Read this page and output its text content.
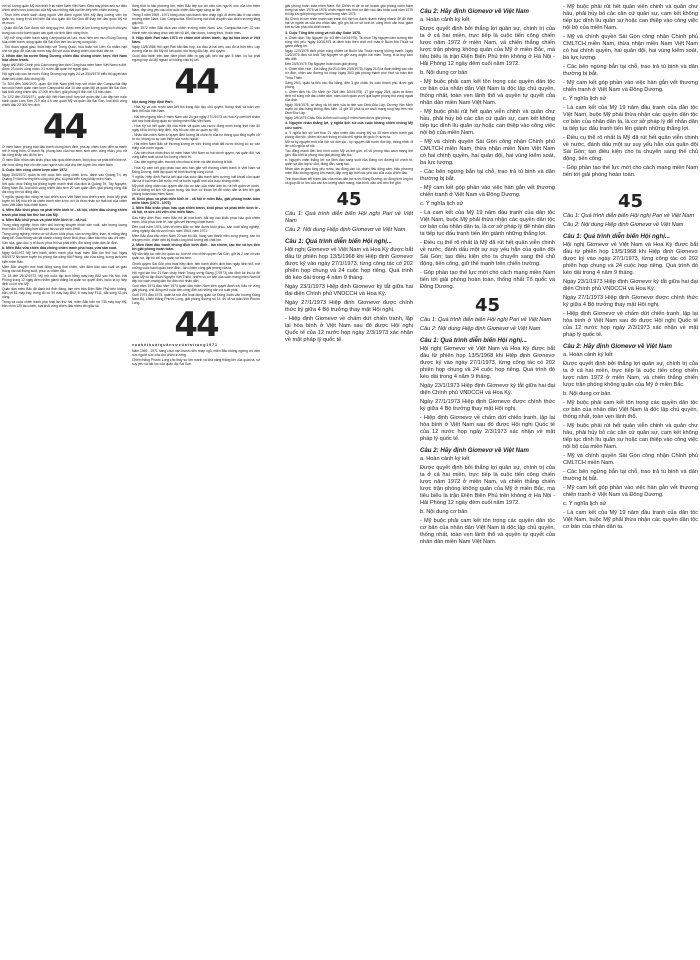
với số lượng quân Mỹ cần thiết ở lại miền Nam Việt Nam. Điều này phản ánh sự điều chỉnh chiến lược toàn cầu của Mỹ sau những thất bại liên tiếp trên chiến trường.

- Thực hiện chính sách dùng người Việt đánh người Việt. Mỹ tăng cường viện trợ quân sự, trang bị vũ khí hiện đại cho quân đội Sài Gòn để thay thế dần quân Mỹ rút về nước.

- Quân đội Sài Gòn được mở rộng quy mô, được xem là lực lượng xung kích chủ yếu trong các cuộc hành quân càn quét và bình định nông thôn.

- Mỹ mở rộng chiến tranh sang Campuchia và Lào, thực hiện âm mưu Đông Dương hóa chiến tranh, dùng quân đội Sài Gòn làm lực lượng xung kích.

- Thủ đoạn ngoại giao: thỏa hiệp với Trung Quốc, hòa hoãn với Liên Xô nhằm hạn chế sự giúp đỡ của các nước này đối với cuộc kháng chiến của nhân dân ta.

2. Nhân dân ba nước Đông Dương chiến đấu chống chiến lược Việt Nam hóa chiến tranh.

Ngày 6/6/1969 Chính phủ Cách mạng lâm thời Cộng hòa miền Nam Việt Nam ra đời, được 23 nước công nhận, 21 nước đặt quan hệ ngoại giao.

Hội nghị cấp cao ba nước Đông Dương họp ngày 24 và 25/4/1970 biểu thị quyết tâm đoàn kết chiến đấu chống Mỹ.

Từ 30/4 đến 30/6/1970, quân đội Việt Nam phối hợp với nhân dân Campuchia đập tan cuộc hành quân xâm lược Campuchia của 10 vạn quân Mỹ và quân đội Sài Gòn, loại khỏi vòng chiến đấu 17.000 tên địch, giải phóng 5 tỉnh với 4,5 triệu dân.

Từ 12/2 đến 23/3/1971, quân đội Việt Nam phối hợp với quân dân Lào đập tan cuộc hành quân Lam Sơn 719 của 4,5 vạn quân Mỹ và quân đội Sài Gòn, loại khỏi vòng chiến đấu 22.000 tên địch.

44

Ở miền Nam: phong trào đấu tranh chống bình định, phá ấp chiến lược diễn ra mạnh mẽ ở nông thôn. Ở thành thị, phong trào của học sinh, sinh viên, công nhân, phụ nữ lan rộng khắp các đô thị lớn.

Ở miền Bắc: nhân dân khắc phục hậu quả chiến tranh, khôi phục và phát triển kinh tế, văn hóa, đồng thời chi viện sức người sức của cho tiền tuyến lớn miền Nam.

3. Cuộc tiến công chiến lược năm 1972

Ngày 30/3/1972, quân ta mở cuộc tiến công chiến lược, đánh vào Quảng Trị, lấy Quảng Trị làm hướng tiến công chủ yếu, rồi phát triển rộng khắp miền Nam.

Kết quả: chọc thủng ba phòng tuyến mạnh nhất của địch là Quảng Trị, Tây Nguyên, Đông Nam Bộ, loại khỏi vòng chiến đấu hơn 20 vạn quân địch, giải phóng vùng đất đai rộng lớn và đông dân.

Ý nghĩa: giáng đòn nặng nề vào chiến lược Việt Nam hóa chiến tranh, buộc Mỹ phải tuyên bố Mỹ hóa trở lại chiến tranh xâm lược, tức là thừa nhận sự thất bại của chiến lược Việt Nam hóa chiến tranh.

4. Miền Bắc khôi phục và phát triển kinh tế - xã hội, chiến đấu chống chiến tranh phá hoại lần thứ hai của Mỹ.

a. Miền Bắc khôi phục và phát triển kinh tế - xã hội.

Trong nông nghiệp, thực hiện chủ trương khuyến khích sản xuất, sản lượng lương thực năm 1970 tăng hơn 60 vạn tấn so với năm 1968.

Trong công nghiệp, nhiều cơ sở được khôi phục, sản lượng điện, than, xi măng tăng đáng kể. Giao thông vận tải nhanh chóng được khôi phục, đảm bảo nhu cầu chi viện.

Văn hóa, giáo dục, y tế được phục hồi và phát triển, đời sống nhân dân ổn định.

b. Miền Bắc vừa chiến đấu chống chiến tranh phá hoại, vừa sản xuất.

Ngày 6/4/1972 Mỹ tiến hành chiến tranh phá hoại miền Bắc lần thứ hai. Ngày 9/5/1972 Níchxơn tuyên bố phong tỏa cảng Hải Phòng, các cửa sông, luồng lạch ven biển miền Bắc.

Miền Bắc chuyển mọi hoạt động sang thời chiến, vẫn đảm bảo sản xuất và giao thông vận tải thông suốt, phục vụ chiến đấu.

Từ 18 đến 29/12/1972, Mỹ mở cuộc tập kích bằng máy bay B52 vào Hà Nội, Hải Phòng trong 12 ngày đêm nhằm giành thắng lợi quân sự quyết định, buộc ta ký hiệp định có lợi cho Mỹ.

Quân dân miền Bắc đã đánh trả đích đáng, làm nên trận Điện Biên Phủ trên không, bắn rơi 81 máy bay, trong đó có 34 máy bay B52, 5 máy bay F111, bắt sống 43 phi công.

Trong cả cuộc chiến tranh phá hoại lần thứ hai, miền Bắc bắn rơi 735 máy bay Mỹ, bắn chìm 125 tàu chiến, loại khỏi vòng chiến đấu nhiều tên giặc lái.

đồng thời là hậu phương lớn, miền Bắc tiếp tục chi viện sức người, sức của cho miền Nam, đáp ứng yêu cầu của cuộc chiến đấu ngày càng ác liệt.

Trong 3 năm 1969 - 1971 hàng chục vạn thanh niên nhập ngũ, đi chiến đấu ở các chiến trường miền Nam, Lào, Campuchia. Khối lượng vật chất chuyển vào chiến trường tăng gấp bội.

Năm 1972 miền Bắc đưa vào chiến trường miền Nam, Lào, Campuchia hơn 22 vạn thanh niên và hàng chục vạn tấn vũ khí, đạn dược, lương thực, thuốc men.

5. Hiệp định Pari năm 1973 về chấm dứt chiến tranh, lập lại hòa bình ở Việt Nam.

Ngày 13/5/1968 Hội nghị Pari bắt đầu họp, lúc đầu là hai bên, sau đó là bốn bên. Lập trường của ta: đòi Mỹ rút hết quân, tôn trọng độc lập, chủ quyền.

Cuộc đấu tranh trên bàn đàm phán diễn ra gay gắt, kéo dài gần 5 năm, có lúc phải ngừng họp do Mỹ ngoan cố không chịu ký kết.

44

Nội dung Hiệp định Pari:

- Hoa Kỳ và các nước cam kết tôn trọng độc lập, chủ quyền, thống nhất và toàn vẹn lãnh thổ của Việt Nam.

- Hai bên ngừng bắn ở miền Nam vào 24 giờ ngày 27/1/1973 và Hoa Kỳ cam kết chấm dứt mọi hoạt động quân sự chống miền Bắc Việt Nam.

- Hoa Kỳ rút hết quân đội của mình và quân các nước đồng minh trong thời hạn 60 ngày kể từ khi ký hiệp định, hủy bỏ các căn cứ quân sự Mỹ.

- Nhân dân miền Nam tự quyết định tương lai chính trị của họ thông qua tổng tuyển cử tự do, không có sự can thiệp của nước ngoài.

- Hai miền Nam Bắc sẽ thương lượng về việc thống nhất đất nước không có sự can thiệp của nước ngoài.

- Các bên thừa nhận thực tế miền Nam Việt Nam có hai chính quyền, hai quân đội, hai vùng kiểm soát và ba lực lượng chính trị.

- Các bên ngừng bắn, trao trả cho nhau tù binh và dân thường bị bắt.

- Hoa Kỳ cam kết góp phần vào việc hàn gắn vết thương chiến tranh ở Việt Nam và Đông Dương, thiết lập quan hệ bình thường cùng có lợi.

Ý nghĩa: Hiệp định Pari là kết quả của cuộc đấu tranh kiên cường, bất khuất của quân dân ta ở hai miền đất nước, mở ra bước ngoặt mới của cuộc kháng chiến.

Mỹ phải công nhận các quyền dân tộc cơ bản của nhân dân ta, rút hết quân về nước. Đó là thắng lợi lịch sử quan trọng, tạo thời cơ thuận lợi để nhân dân ta tiến lên giải phóng hoàn toàn miền Nam.

III. Khôi phục và phát triển kinh tế - xã hội ở miền Bắc, giải phóng hoàn toàn miền Nam (1973 - 1975)

1. Miền Bắc khắc phục hậu quả chiến tranh, khôi phục và phát triển kinh tế - xã hội, ra sức chi viện cho miền Nam.

Sau Hiệp định Pari, miền Bắc trở lại hòa bình, bắt tay vào khắc phục hậu quả chiến tranh, khôi phục kinh tế, hàn gắn vết thương chiến tranh.

Đến cuối năm 1974, kinh tế miền Bắc cơ bản được khôi phục, sản xuất nông nghiệp, công nghiệp đạt và vượt mức năm 1964, năm 1971.

Miền Bắc đưa vào miền Nam 20 vạn bộ đội, hàng vạn thanh niên xung phong, cán bộ chuyên môn, nhân viên kỹ thuật cùng khối lượng vật chất lớn.

2. Miền Nam đấu tranh chống địch bình định - lấn chiếm, tạo thế và lực tiến tới giải phóng hoàn toàn.

Mỹ vẫn tiếp tục viện trợ quân sự, kinh tế cho chính quyền Sài Gòn, giữ lại 2 vạn cố vấn quân sự, lập bộ chỉ huy quân sự trá hình.

Chính quyền Sài Gòn phá hoại hiệp định, tiến hành chiến dịch tràn ngập lãnh thổ, mở những cuộc hành quân bình định - lấn chiếm vùng giải phóng của ta.

Hội nghị lần thứ 21 Ban chấp hành Trung ương Đảng (7/1973) xác định kẻ thù là đế quốc Mỹ và tập đoàn Nguyễn Văn Thiệu, nhiệm vụ cơ bản của cách mạng miền Nam là tiếp tục cách mạng dân tộc dân chủ nhân dân.

Cuối năm 1973 đầu năm 1974 quân dân miền Nam kiên quyết đánh trả, bảo vệ vùng giải phóng, chủ động mở cuộc tiến công địch tại những căn cứ xuất phát.

Cuối 1974 đầu 1975, quân ta mở đợt hoạt động quân sự Đông Xuân vào hướng Đông Nam Bộ, chiến thắng Phước Long, giải phóng đường số 14, thị xã và toàn tỉnh Phước Long.

44

v ọ ạ h ề t h u ậ t q u â n s ự c ủ a t a t r o n g 1 9 7 1

Năm 1969 - 1971 hàng chục vạn thanh niên nhập ngũ, miền Bắc không ngừng chi viện sức người sức của cho chiến trường.

Chiến thắng Phước Long cho thấy sự lớn mạnh và khả năng thắng lớn của quân ta, sự suy yếu và bất lực của quân đội Sài Gòn.

giải phóng hoàn toàn miền Nam. Bộ Chính trị đề ra kế hoạch giải phóng miền Nam trong hai năm 1975 và 1976, nhấn mạnh nếu thời cơ đến vào đầu hoặc cuối năm 1975 thì lập tức giải phóng miền Nam trong năm 1975.

Bộ Chính trị còn nhấn mạnh cần tranh thủ thời cơ đánh nhanh thắng nhanh để đỡ thiệt hại về người và của cho nhân dân, giữ gìn tốt cơ sở kinh tế, công trình văn hóa, giảm bớt sự tàn phá của chiến tranh.

3. Cuộc Tổng tiến công và nổi dậy Xuân 1975.

a. Chiến dịch Tây Nguyên (từ 4/3 đến 24/3/1975). Ta chọn Tây Nguyên làm hướng tiến công chủ yếu. Ngày 10/3/1975 ta đánh trận then chốt mở màn ở Buôn Ma Thuột và giành thắng lợi.

Ngày 12/3/1975 địch phản công chiếm lại Buôn Ma Thuột nhưng không thành. Ngày 14/3/1975 địch rút khỏi Tây Nguyên về giữ vùng duyên hải miền Trung, bị ta truy kích tiêu diệt.

Đến 24/3/1975 Tây Nguyên hoàn toàn giải phóng.

b. Chiến dịch Huế - Đà Nẵng (từ 21/3 đến 29/3/1975). Ngày 21/3 ta đánh thẳng vào căn cứ địch, chặn các đường rút chạy. Ngày 26/3 giải phóng thành phố Huế và toàn tỉnh Thừa Thiên.

Sáng 29/3, quân ta tiến vào Đà Nẵng, đến 3 giờ chiều thì toàn thành phố được giải phóng.

c. Chiến dịch Hồ Chí Minh (từ 26/4 đến 30/4/1975). 17 giờ ngày 26/4, quân ta được lệnh nổ súng mở đầu chiến dịch, năm cánh quân vượt qua tuyến phòng thủ vòng ngoài của địch.

Ngày 30/4/1975, xe tăng và bộ binh của ta tiến vào Dinh Độc Lập, Dương Văn Minh tuyên bố đầu hàng không điều kiện. 11 giờ 30 phút lá cờ cách mạng tung bay trên nóc Dinh Độc Lập.

Ngày 2/5/1975 Châu Đốc là tỉnh cuối cùng ở miền Nam được giải phóng.

4. Nguyên nhân thắng lợi, ý nghĩa lịch sử của cuộc kháng chiến chống Mỹ cứu nước.

a. Ý nghĩa lịch sử: kết thúc 21 năm chiến đấu chống Mỹ và 30 năm chiến tranh giải phóng dân tộc, chấm dứt ách thống trị của chủ nghĩa đế quốc ở nước ta.

Mở ra kỷ nguyên mới của lịch sử dân tộc - kỷ nguyên đất nước độc lập, thống nhất, đi lên chủ nghĩa xã hội.

Tác động mạnh đến tình hình nước Mỹ và thế giới, cổ vũ phong trào cách mạng thế giới, đặc biệt là phong trào giải phóng dân tộc.

b. Nguyên nhân thắng lợi: sự lãnh đạo sáng suốt của Đảng với đường lối chính trị, quân sự độc lập tự chủ, đúng đắn, sáng tạo.

Nhân dân ta giàu lòng yêu nước, lao động cần cù, chiến đấu dũng cảm. Hậu phương miền Bắc không ngừng lớn mạnh, đáp ứng kịp thời các yêu cầu của cuộc chiến đấu.

Tinh thần đoàn kết chiến đấu của nhân dân ba nước Đông Dương, sự đồng tình ủng hộ và giúp đỡ to lớn của các lực lượng cách mạng, hòa bình, dân chủ trên thế giới.

45

Câu 1: Quá trình diễn biến Hội nghị Pari về Việt Nam

Câu 2: Nội dung Hiệp định Giơnevơ về Việt Nam

Câu 1: Quá trình diễn biến Hội nghị...

Hội nghị Giơnevơ về Việt Nam và Hoa Kỳ được bắt đầu từ phiên họp 13/5/1968 khi Hiệp định Giơnevơ được ký vào ngày 27/1/1973, từng công tác có 202 phiên họp chung và 24 cuộc họp riêng. Quá trình đó kéo dài trong 4 năm 9 tháng.

Ngày 23/1/1973 Hiệp định Giơnevơ ký tắt giữa hai đại diện Chính phủ VNDCCH và Hoa Kỳ.

Ngày 27/1/1973 Hiệp định Giơnevơ được chính thức ký giữa 4 Bộ trưởng thay mặt Hội nghị.

- Hiệp định Giơnevơ về chấm dứt chiến tranh, lập lại hòa bình ở Việt Nam sau đó được Hội nghị Quốc tế của 12 nước họp ngày 2/3/1973 xác nhận về mặt pháp lý quốc tế.

Câu 2: Hãy định Giơnevơ về Việt Nam

a. Hoàn cảnh ký kết

Được quyết định bởi thắng lợi quân sự, chính trị của ta ở cả hai miền, trực tiếp là cuộc tiến công chiến lược năm 1972 ở miền Nam, và chiến thắng chiến lược trận phòng không quân của Mỹ ở miền Bắc, mà tiêu biểu là trận Điện Biên Phủ trên không ở Hà Nội - Hải Phòng 12 ngày đêm cuối năm 1972.

b. Nội dung cơ bản

- Mỹ buộc phải cam kết tôn trọng các quyền dân tộc cơ bản của nhân dân Việt Nam là độc lập chủ quyền, thống nhất, toàn vẹn lãnh thổ và quyền tự quyết của nhân dân miền Nam Việt Nam.

- Mỹ buộc phải rút hết quân viễn chinh và quân chư hầu, phải hủy bỏ các căn cứ quân sự, cam kết không tiếp tục dính líu quân sự hoặc can thiệp vào công việc nội bộ của miền Nam.

- Mỹ và chính quyền Sài Gòn công nhận Chính phủ CMLTCH miền Nam, thừa nhận miền Nam Việt Nam có hai chính quyền, hai quân đội, hai vùng kiểm soát, ba lực lượng.

- Các bên ngừng bắn tại chỗ, trao trả tù binh và dân thường bị bắt.

- Mỹ cam kết góp phần vào việc hàn gắn vết thương chiến tranh ở Việt Nam và Đông Dương.

c. Ý nghĩa lịch sử

- Là cam kết của Mỹ 19 năm đầu tranh của dân tộc Việt Nam, buộc Mỹ phải thừa nhận các quyền dân tộc cơ bản của nhân dân ta, là cơ sở pháp lý để nhân dân ta tiếp tục đấu tranh tiến lên giành những thắng lợi.

- Điều cụ thể rõ nhất là Mỹ đã rút hết quân viễn chinh về nước, đánh dấu một sự suy yếu hẳn của quân đội Sài Gòn; tạo điều kiện cho ta chuyển sang thế chủ động, tiến công, giữ thế mạnh trên chiến trường.

- Góp phần tạo thế lực mới cho cách mạng miền Nam tiến tới giải phóng hoàn toàn, thống nhất Tổ quốc và Đông Dương.

45

Câu 1: Quá trình diễn biến Hội nghị Pari về Việt Nam

Câu 2: Nội dung Hiệp định Giơnevơ về Việt Nam

Câu 1: Quá trình diễn biến Hội nghị...

Hội nghị Giơnevơ về Việt Nam và Hoa Kỳ được bắt đầu từ phiên họp 13/5/1968 khi Hiệp định Giơnevơ được ký vào ngày 27/1/1973, từng công tác có 202 phiên họp chung và 24 cuộc họp riêng. Quá trình đó kéo dài trong 4 năm 9 tháng.

Ngày 23/1/1973 Hiệp định Giơnevơ ký tắt giữa hai đại diện Chính phủ VNDCCH và Hoa Kỳ.

Ngày 27/1/1973 Hiệp định Giơnevơ được chính thức ký giữa 4 Bộ trưởng thay mặt Hội nghị.

- Hiệp định Giơnevơ về chấm dứt chiến tranh, lập lại hòa bình ở Việt Nam sau đó được Hội nghị Quốc tế của 12 nước họp ngày 2/3/1973 xác nhận về mặt pháp lý quốc tế.

Câu 2: Hãy định Giơnevơ về Việt Nam

a. Hoàn cảnh ký kết

Được quyết định bởi thắng lợi quân sự, chính trị của ta ở cả hai miền, trực tiếp là cuộc tiến công chiến lược năm 1972 ở miền Nam, và chiến thắng chiến lược trận phòng không quân của Mỹ ở miền Bắc, mà tiêu biểu là trận Điện Biên Phủ trên không ở Hà Nội - Hải Phòng 12 ngày đêm cuối năm 1972.

b. Nội dung cơ bản

- Mỹ buộc phải cam kết tôn trọng các quyền dân tộc cơ bản của nhân dân Việt Nam là độc lập chủ quyền, thống nhất, toàn vẹn lãnh thổ và quyền tự quyết của nhân dân miền Nam Việt Nam.

- Mỹ buộc phải rút hết quân viễn chinh và quân chư hầu, phải hủy bỏ các căn cứ quân sự, cam kết không tiếp tục dính líu quân sự hoặc can thiệp vào công việc nội bộ của miền Nam.

- Mỹ và chính quyền Sài Gòn công nhận Chính phủ CMLTCH miền Nam, thừa nhận miền Nam Việt Nam có hai chính quyền, hai quân đội, hai vùng kiểm soát, ba lực lượng.

- Các bên ngừng bắn tại chỗ, trao trả tù binh và dân thường bị bắt.

- Mỹ cam kết góp phần vào việc hàn gắn vết thương chiến tranh ở Việt Nam và Đông Dương.

c. Ý nghĩa lịch sử

- Là cam kết của Mỹ 19 năm đầu tranh của dân tộc Việt Nam, buộc Mỹ phải thừa nhận các quyền dân tộc cơ bản của nhân dân ta, là cơ sở pháp lý để nhân dân ta tiếp tục đấu tranh tiến lên giành những thắng lợi.

- Điều cụ thể rõ nhất là Mỹ đã rút hết quân viễn chinh về nước, đánh dấu một sự suy yếu hẳn của quân đội Sài Gòn; tạo điều kiện cho ta chuyển sang thế chủ động, tiến công.

- Góp phần tạo thế lực mới cho cách mạng miền Nam tiến tới giải phóng hoàn toàn.

45

Câu 1: Quá trình diễn biến Hội nghị Pari về Việt Nam

Câu 2: Nội dung Hiệp định Giơnevơ về Việt Nam

Câu 1: Quá trình diễn biến Hội nghị...

Hội nghị Giơnevơ về Việt Nam và Hoa Kỳ được bắt đầu từ phiên họp 13/5/1968 khi Hiệp định Giơnevơ được ký vào ngày 27/1/1973, từng công tác có 202 phiên họp chung và 24 cuộc họp riêng. Quá trình đó kéo dài trong 4 năm 9 tháng.

Ngày 23/1/1973 Hiệp định Giơnevơ ký tắt giữa hai đại diện Chính phủ VNDCCH và Hoa Kỳ.

Ngày 27/1/1973 Hiệp định Giơnevơ được chính thức ký giữa 4 Bộ trưởng thay mặt Hội nghị.

- Hiệp định Giơnevơ về chấm dứt chiến tranh, lập lại hòa bình ở Việt Nam sau đó được Hội nghị Quốc tế của 12 nước họp ngày 2/3/1973 xác nhận về mặt pháp lý quốc tế.

Câu 2: Hãy định Giơnevơ về Việt Nam

a. Hoàn cảnh ký kết

Được quyết định bởi thắng lợi quân sự, chính trị của ta ở cả hai miền, trực tiếp là cuộc tiến công chiến lược năm 1972 ở miền Nam, và chiến thắng chiến lược trận phòng không quân của Mỹ ở miền Bắc.

b. Nội dung cơ bản

- Mỹ buộc phải cam kết tôn trọng các quyền dân tộc cơ bản của nhân dân Việt Nam là độc lập chủ quyền, thống nhất, toàn vẹn lãnh thổ.

- Mỹ buộc phải rút hết quân viễn chinh và quân chư hầu, phải hủy bỏ các căn cứ quân sự, cam kết không tiếp tục dính líu quân sự hoặc can thiệp vào công việc nội bộ của miền Nam.

- Mỹ và chính quyền Sài Gòn công nhận Chính phủ CMLTCH miền Nam.

- Các bên ngừng bắn tại chỗ, trao trả tù binh và dân thường bị bắt.

- Mỹ cam kết góp phần vào việc hàn gắn vết thương chiến tranh ở Việt Nam và Đông Dương.

c. Ý nghĩa lịch sử

- Là cam kết của Mỹ 19 năm đầu tranh của dân tộc Việt Nam, buộc Mỹ phải thừa nhận các quyền dân tộc cơ bản của nhân dân ta.
